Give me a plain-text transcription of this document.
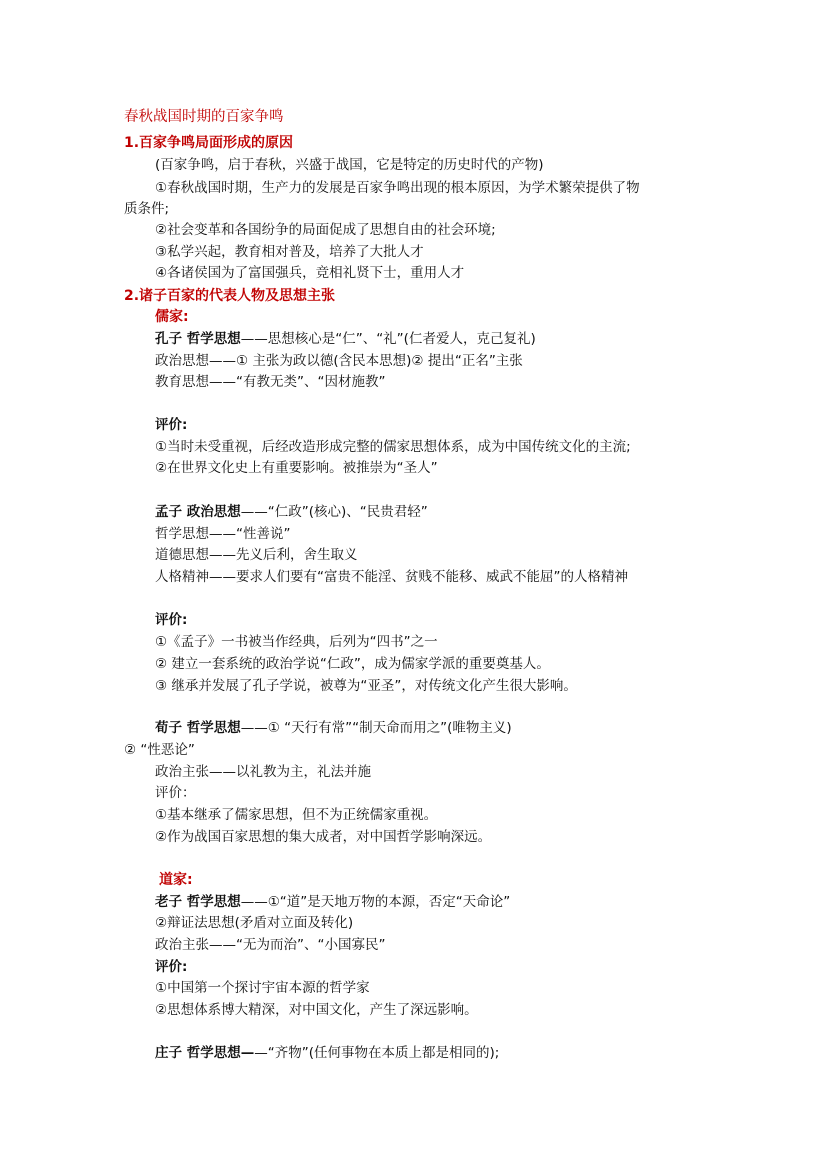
春秋战国时期的百家争鸣
1.百家争鸣局面形成的原因
(百家争鸣，启于春秋，兴盛于战国，它是特定的历史时代的产物)
①春秋战国时期，生产力的发展是百家争鸣出现的根本原因，为学术繁荣提供了物
质条件;
②社会变革和各国纷争的局面促成了思想自由的社会环境;
③私学兴起，教育相对普及，培养了大批人才
④各诸侯国为了富国强兵，竞相礼贤下士，重用人才
2.诸子百家的代表人物及思想主张
儒家:
孔子 哲学思想——思想核心是“仁”、“礼”(仁者爱人，克己复礼)
政治思想——① 主张为政以德(含民本思想)② 提出“正名”主张
教育思想——“有教无类”、“因材施教”
评价:
①当时未受重视，后经改造形成完整的儒家思想体系，成为中国传统文化的主流;
②在世界文化史上有重要影响。被推崇为“圣人”
孟子 政治思想——“仁政”(核心)、“民贵君轻”
哲学思想——“性善说”
道德思想——先义后利，舍生取义
人格精神——要求人们要有“富贵不能淫、贫贱不能移、威武不能屈”的人格精神
评价:
①《孟子》一书被当作经典，后列为“四书”之一
② 建立一套系统的政治学说“仁政”，成为儒家学派的重要奠基人。
③ 继承并发展了孔子学说，被尊为“亚圣”，对传统文化产生很大影响。
荀子 哲学思想——① “天行有常”“制天命而用之”(唯物主义)
② “性恶论”
政治主张——以礼教为主，礼法并施
评价：
①基本继承了儒家思想，但不为正统儒家重视。
②作为战国百家思想的集大成者，对中国哲学影响深远。
道家:
老子 哲学思想——①“道”是天地万物的本源，否定“天命论”
②辩证法思想(矛盾对立面及转化)
政治主张——“无为而治”、“小国寡民”
评价:
①中国第一个探讨宇宙本源的哲学家
②思想体系博大精深，对中国文化，产生了深远影响。
庄子 哲学思想——“齐物”(任何事物在本质上都是相同的);
